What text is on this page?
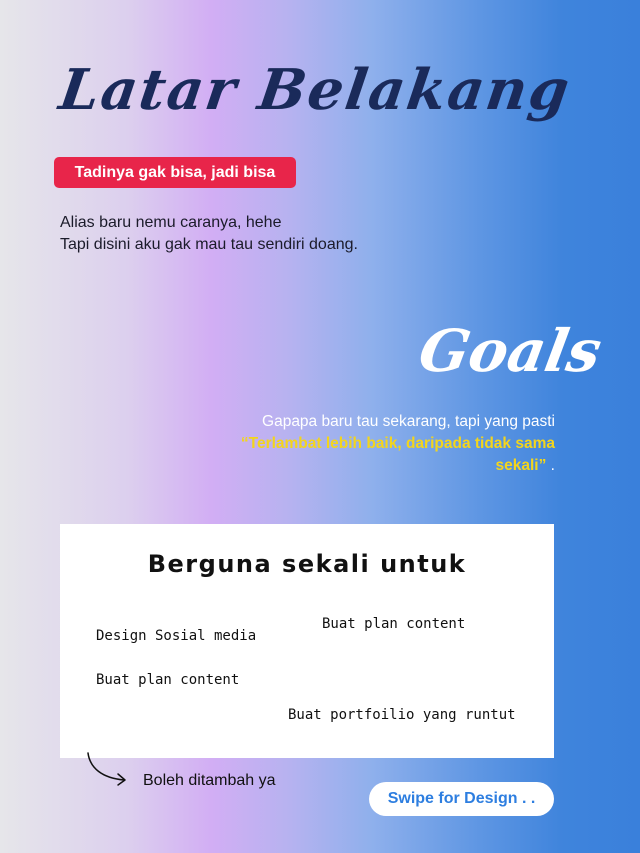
Latar Belakang
Tadinya gak bisa, jadi bisa
Alias baru nemu caranya, hehe
Tapi disini aku gak mau tau sendiri doang.
Goals
Gapapa baru tau sekarang, tapi yang pasti “Terlambat lebih baik, daripada tidak sama sekali” .
Berguna sekali untuk
Design Sosial media
Buat plan content
Buat plan content
Buat portfoilio yang runtut
Boleh ditambah ya
Swipe for Design . .
